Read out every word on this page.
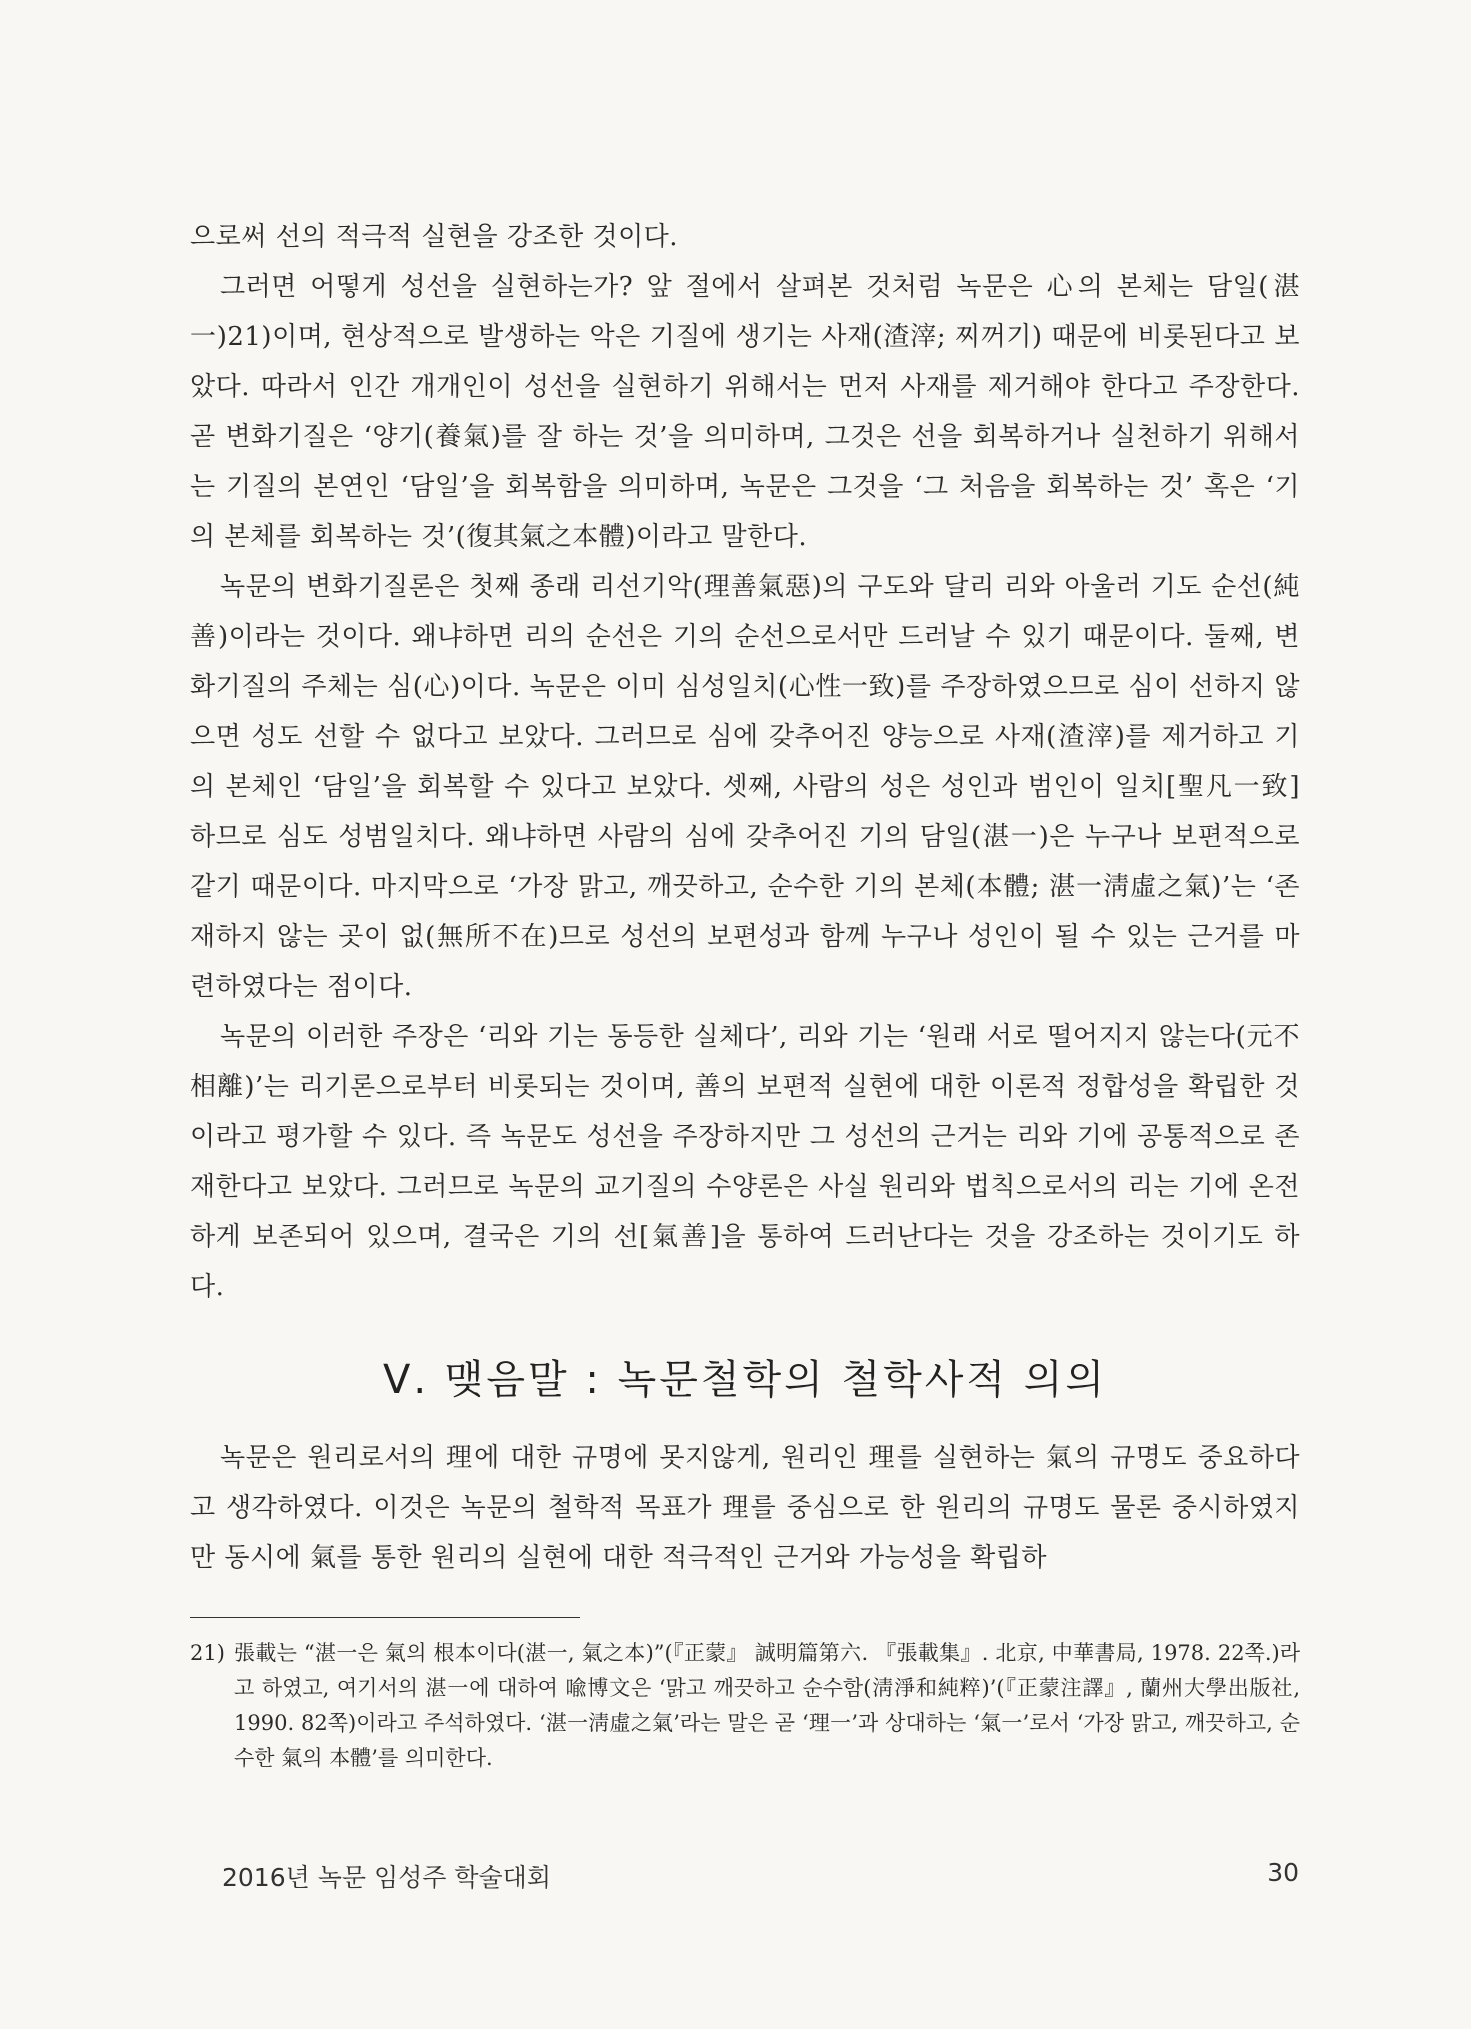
으로써 선의 적극적 실현을 강조한 것이다.

그러면 어떻게 성선을 실현하는가? 앞 절에서 살펴본 것처럼 녹문은 心의 본체는 담일(湛一)21)이며, 현상적으로 발생하는 악은 기질에 생기는 사재(渣滓; 찌꺼기) 때문에 비롯된다고 보았다. 따라서 인간 개개인이 성선을 실현하기 위해서는 먼저 사재를 제거해야 한다고 주장한다. 곧 변화기질은 ‘양기(養氣)를 잘 하는 것’을 의미하며, 그것은 선을 회복하거나 실천하기 위해서는 기질의 본연인 ‘담일’을 회복함을 의미하며, 녹문은 그것을 ‘그 처음을 회복하는 것’ 혹은 ‘기의 본체를 회복하는 것’(復其氣之本體)이라고 말한다.

녹문의 변화기질론은 첫째 종래 리선기악(理善氣惡)의 구도와 달리 리와 아울러 기도 순선(純善)이라는 것이다. 왜냐하면 리의 순선은 기의 순선으로서만 드러날 수 있기 때문이다. 둘째, 변화기질의 주체는 심(心)이다. 녹문은 이미 심성일치(心性一致)를 주장하였으므로 심이 선하지 않으면 성도 선할 수 없다고 보았다. 그러므로 심에 갖추어진 양능으로 사재(渣滓)를 제거하고 기의 본체인 ‘담일’을 회복할 수 있다고 보았다. 셋째, 사람의 성은 성인과 범인이 일치[聖凡一致]하므로 심도 성범일치다. 왜냐하면 사람의 심에 갖추어진 기의 담일(湛一)은 누구나 보편적으로 같기 때문이다. 마지막으로 ‘가장 맑고, 깨끗하고, 순수한 기의 본체(本體; 湛一淸虛之氣)’는 ‘존재하지 않는 곳이 없(無所不在)므로 성선의 보편성과 함께 누구나 성인이 될 수 있는 근거를 마련하였다는 점이다.

녹문의 이러한 주장은 ‘리와 기는 동등한 실체다’, 리와 기는 ‘원래 서로 떨어지지 않는다(元不相離)’는 리기론으로부터 비롯되는 것이며, 善의 보편적 실현에 대한 이론적 정합성을 확립한 것이라고 평가할 수 있다. 즉 녹문도 성선을 주장하지만 그 성선의 근거는 리와 기에 공통적으로 존재한다고 보았다. 그러므로 녹문의 교기질의 수양론은 사실 원리와 법칙으로서의 리는 기에 온전하게 보존되어 있으며, 결국은 기의 선[氣善]을 통하여 드러난다는 것을 강조하는 것이기도 하다.

Ⅴ. 맺음말 : 녹문철학의 철학사적 의의

녹문은 원리로서의 理에 대한 규명에 못지않게, 원리인 理를 실현하는 氣의 규명도 중요하다고 생각하였다. 이것은 녹문의 철학적 목표가 理를 중심으로 한 원리의 규명도 물론 중시하였지만 동시에 氣를 통한 원리의 실현에 대한 적극적인 근거와 가능성을 확립하

21) 張載는 “湛一은 氣의 根本이다(湛一, 氣之本)”(『正蒙』 誠明篇第六. 『張載集』. 北京, 中華書局, 1978. 22쪽.)라고 하였고, 여기서의 湛一에 대하여 喩博文은 ‘맑고 깨끗하고 순수함(淸淨和純粹)’(『正蒙注譯』, 蘭州大學出版社, 1990. 82쪽)이라고 주석하였다. ‘湛一淸虛之氣’라는 말은 곧 ‘理一’과 상대하는 ‘氣一’로서 ‘가장 맑고, 깨끗하고, 순수한 氣의 本體’를 의미한다.
2016년 녹문 임성주 학술대회	30
